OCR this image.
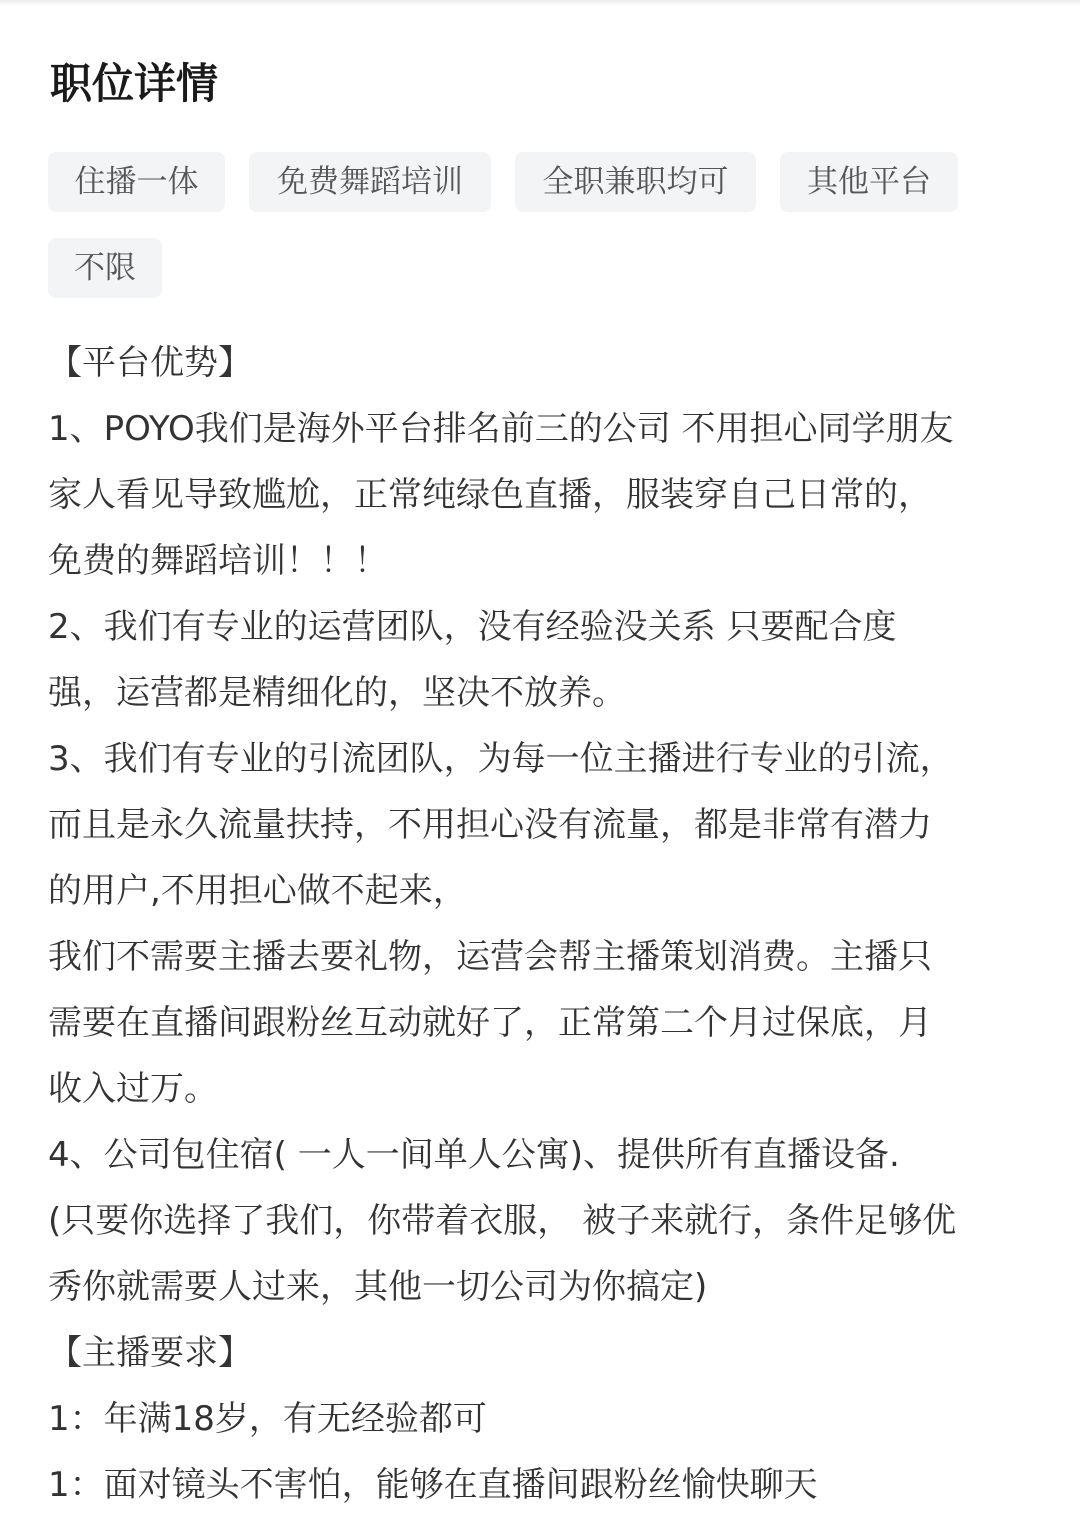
职位详情
住播一体	免费舞蹈培训	全职兼职均可	其他平台
不限
【平台优势】
1、POYO我们是海外平台排名前三的公司 不用担心同学朋友
家人看见导致尴尬，正常纯绿色直播，服装穿自己日常的，
免费的舞蹈培训！！！
2、我们有专业的运营团队，没有经验没关系 只要配合度
强，运营都是精细化的，坚决不放养。
3、我们有专业的引流团队，为每一位主播进行专业的引流，
而且是永久流量扶持，不用担心没有流量，都是非常有潜力
的用户,不用担心做不起来，
我们不需要主播去要礼物，运营会帮主播策划消费。主播只
需要在直播间跟粉丝互动就好了，正常第二个月过保底，月
收入过万。
4、公司包住宿( 一人一间单人公寓)、提供所有直播设备.
(只要你选择了我们，你带着衣服， 被子来就行，条件足够优
秀你就需要人过来，其他一切公司为你搞定)
【主播要求】
1：年满18岁，有无经验都可
1：面对镜头不害怕，能够在直播间跟粉丝愉快聊天
